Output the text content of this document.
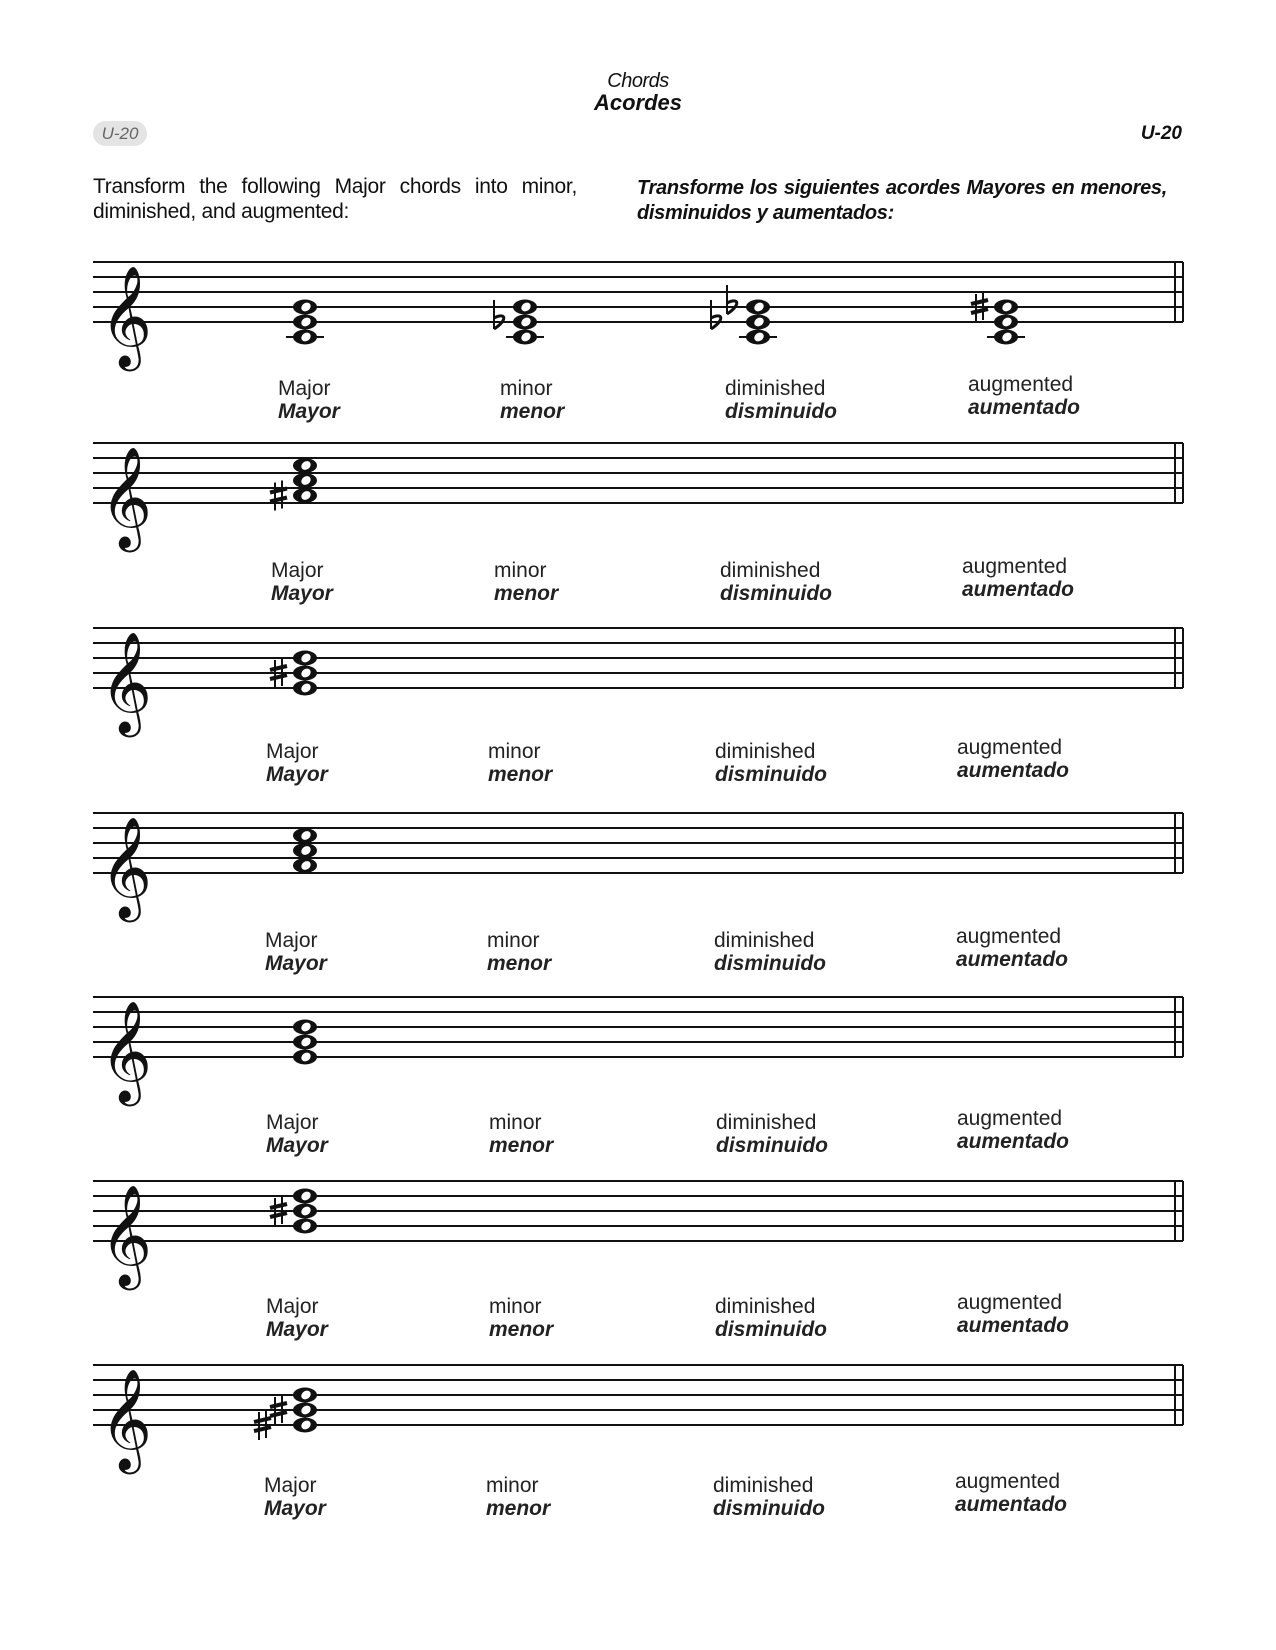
Chords
Acordes
U-20	U-20
Transform the following Major chords into minor, diminished, and augmented:
Transforme los siguientes acordes Mayores en menores, disminuidos y aumentados:
𝄞
𝄞
𝄞
𝄞
𝄞
𝄞
𝄞
Major
Mayor
minor
menor
diminished
disminuido
augmented
aumentado
Major
Mayor
minor
menor
diminished
disminuido
augmented
aumentado
Major
Mayor
minor
menor
diminished
disminuido
augmented
aumentado
Major
Mayor
minor
menor
diminished
disminuido
augmented
aumentado
Major
Mayor
minor
menor
diminished
disminuido
augmented
aumentado
Major
Mayor
minor
menor
diminished
disminuido
augmented
aumentado
Major
Mayor
minor
menor
diminished
disminuido
augmented
aumentado
